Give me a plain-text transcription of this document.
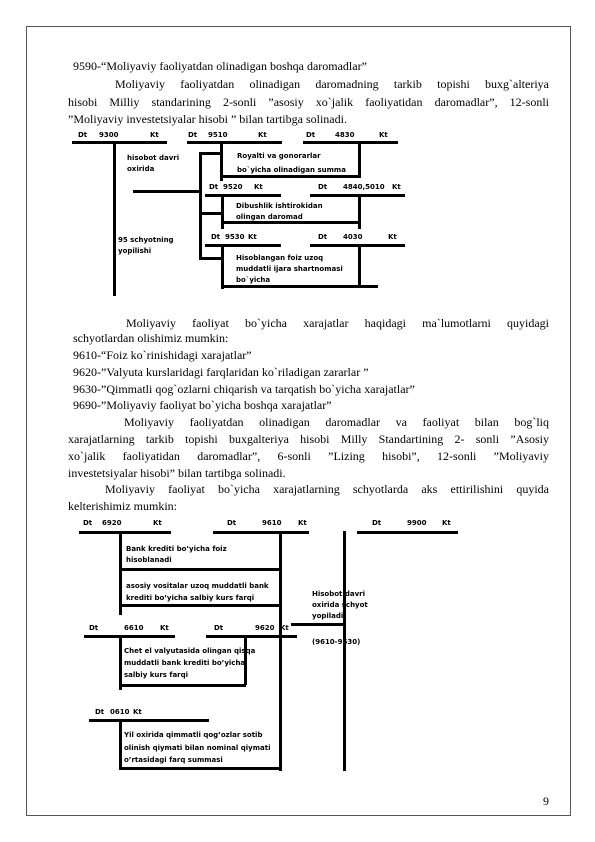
9590-“Moliyaviy faoliyatdan olinadigan boshqa daromadlar”
Moliyaviy faoliyatdan olinadigan daromadning tarkib topishi buxg`alteriya
hisobi Milliy standarining 2-sonli ”asosiy xo`jalik faoliyatidan daromadlar”, 12-sonli
”Moliyaviy investetsiyalar hisobi ” bilan tartibga solinadi.
Dt 9300	Kt	Dt 9510	Kt	Dt	4830	Kt
hisobot davri
oxirida
95 schyotning
yopilishi
Royalti va gonorarlar
bo`yicha olinadigan summa
Dt 9520 Kt	Dt 4840,5010 Kt
Dibushlik ishtirokidan
olingan daromad
Dt 9530 Kt	Dt 4030	Kt
Hisoblangan foiz uzoq
muddatli ijara shartnomasi
bo`yicha
Moliyaviy faoliyat bo`yicha xarajatlar haqidagi ma`lumotlarni quyidagi
schyotlardan olishimiz mumkin:
9610-“Foiz ko`rinishidagi xarajatlar”
9620-”Valyuta kurslaridagi farqlaridan ko`riladigan zararlar ”
9630-”Qimmatli qog`ozlarni chiqarish va tarqatish bo`yicha xarajatlar”
9690-”Moliyaviy faoliyat bo`yicha boshqa xarajatlar”
Moliyaviy faoliyatdan olinadigan daromadlar va faoliyat bilan bog`liq
xarajatlarning tarkib topishi buxgalteriya hisobi Milly Standartining 2- sonli ”Asosiy
xo`jalik faoliyatidan daromadlar”, 6-sonli ”Lizing hisobi”, 12-sonli ”Moliyaviy
investetsiyalar hisobi” bilan tartibga solinadi.
Moliyaviy faoliyat bo`yicha xarajatlarning schyotlarda aks ettirilishini quyida
kelterishimiz mumkin:
Dt 6920	Kt	Dt	9610 Kt	Dt	9900 Kt
Bank krediti bo’yicha foiz
hisoblanadi
asosiy vositalar uzoq muddatli bank
krediti bo’yicha salbiy kurs farqi	Hisobot davri
oxirida schyot
yopiladi
(9610-9630)
Dt	6610 Kt	Dt	9620 Kt
Chet el valyutasida olingan qisqa
muddatli bank krediti bo’yicha
salbiy kurs farqi
Dt 0610 Kt
Yil oxirida qimmatli qog’ozlar sotib
olinish qiymati bilan nominal qiymati
o’rtasidagi farq summasi
9
